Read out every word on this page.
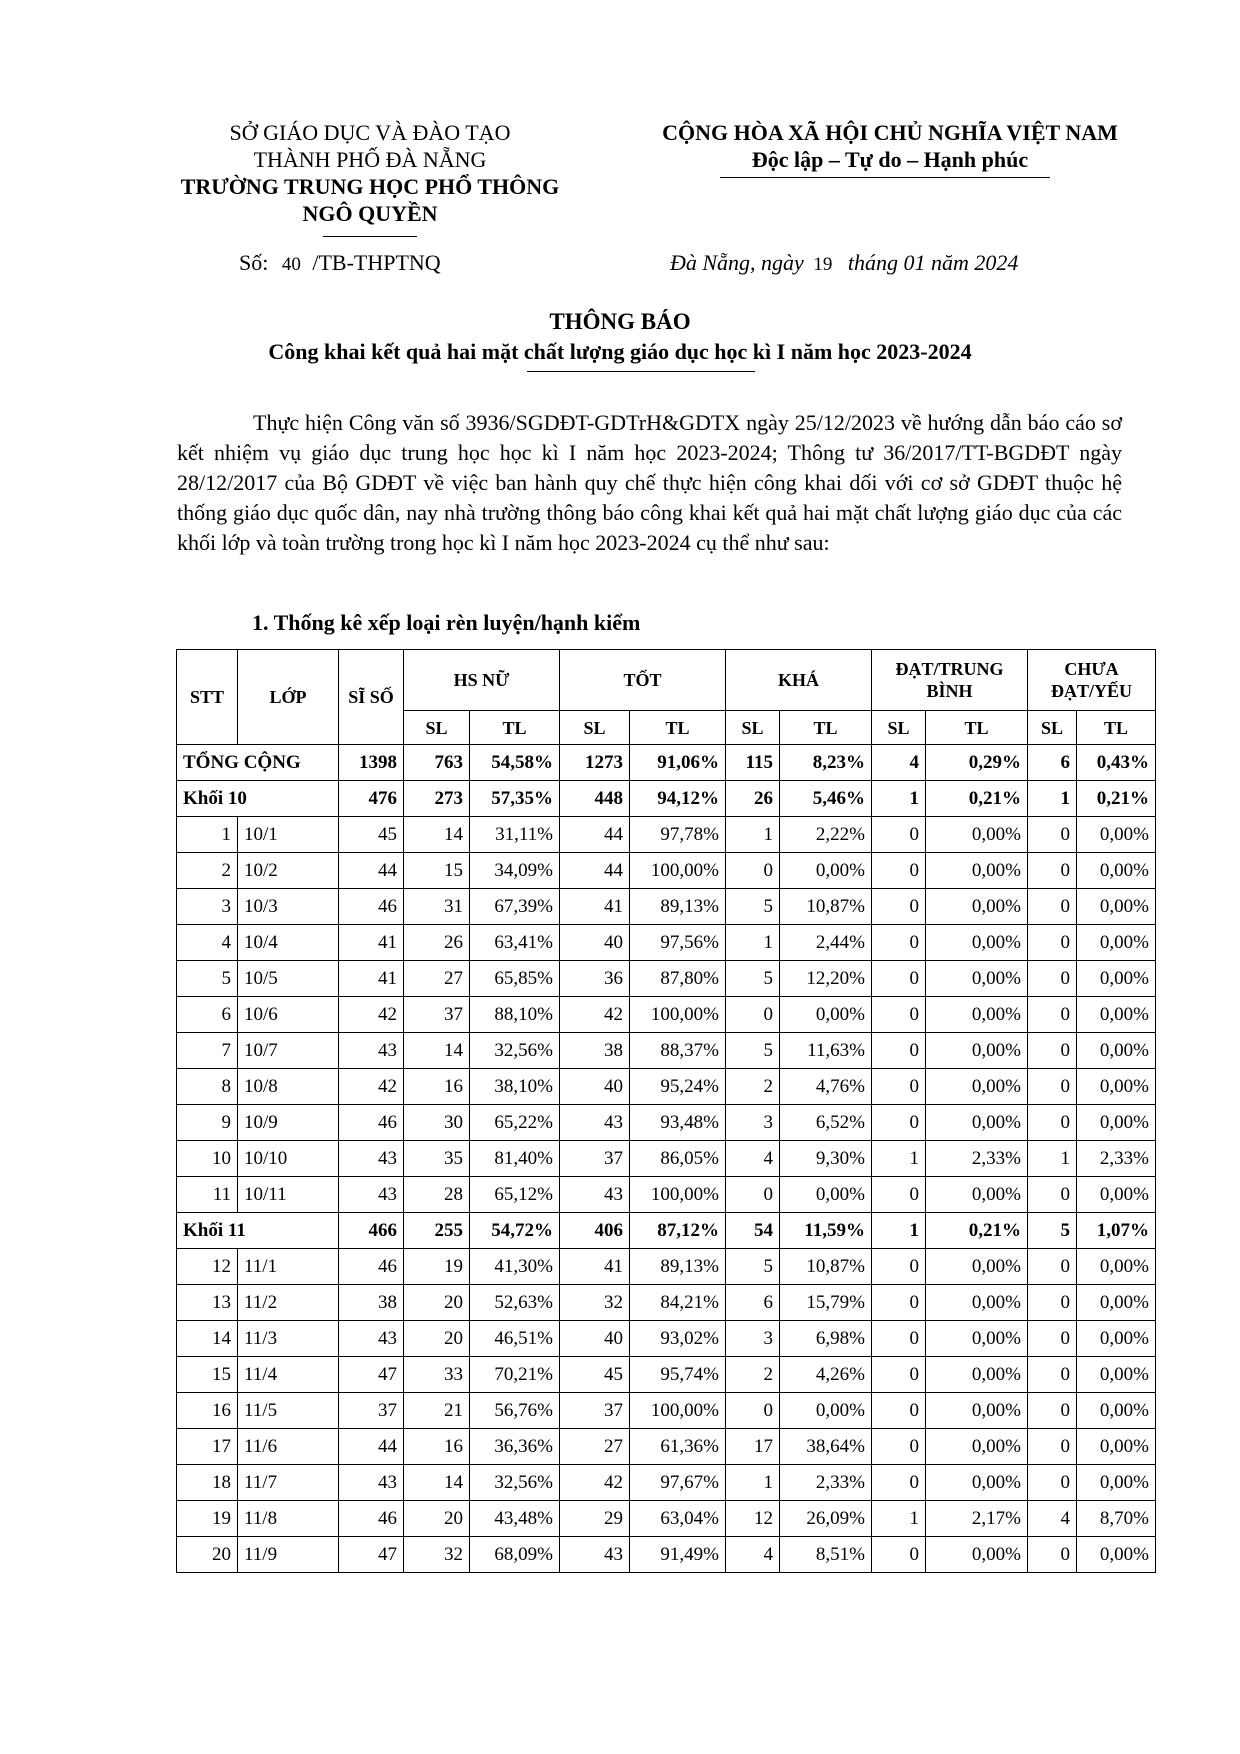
SỞ GIÁO DỤC VÀ ĐÀO TẠO
THÀNH PHỐ ĐÀ NẴNG
TRƯỜNG TRUNG HỌC PHỔ THÔNG
NGÔ QUYỀN
CỘNG HÒA XÃ HỘI CHỦ NGHĨA VIỆT NAM
Độc lập – Tự do – Hạnh phúc
Số: 40 /TB-THPTNQ	Đà Nẵng, ngày 19 tháng 01 năm 2024
THÔNG BÁO
Công khai kết quả hai mặt chất lượng giáo dục học kì I năm học 2023-2024

Thực hiện Công văn số 3936/SGDĐT-GDTrH&GDTX ngày 25/12/2023 về hướng dẫn báo cáo sơ kết nhiệm vụ giáo dục trung học học kì I năm học 2023-2024; Thông tư 36/2017/TT-BGDĐT ngày 28/12/2017 của Bộ GDĐT về việc ban hành quy chế thực hiện công khai dối với cơ sở GDĐT thuộc hệ thống giáo dục quốc dân, nay nhà trường thông báo công khai kết quả hai mặt chất lượng giáo dục của các khối lớp và toàn trường trong học kì I năm học 2023-2024 cụ thể như sau:

1. Thống kê xếp loại rèn luyện/hạnh kiểm
STT	LỚP	SĨ SỐ	HS NỮ		TỐT		KHÁ		ĐẠT/TRUNG BÌNH		CHƯA ĐẠT/YẾU	
			SL	TL	SL	TL	SL	TL	SL	TL	SL	TL
TỔNG CỘNG		1398	763	54,58%	1273	91,06%	115	8,23%	4	0,29%	6	0,43%
Khối 10		476	273	57,35%	448	94,12%	26	5,46%	1	0,21%	1	0,21%
1	10/1	45	14	31,11%	44	97,78%	1	2,22%	0	0,00%	0	0,00%
2	10/2	44	15	34,09%	44	100,00%	0	0,00%	0	0,00%	0	0,00%
3	10/3	46	31	67,39%	41	89,13%	5	10,87%	0	0,00%	0	0,00%
4	10/4	41	26	63,41%	40	97,56%	1	2,44%	0	0,00%	0	0,00%
5	10/5	41	27	65,85%	36	87,80%	5	12,20%	0	0,00%	0	0,00%
6	10/6	42	37	88,10%	42	100,00%	0	0,00%	0	0,00%	0	0,00%
7	10/7	43	14	32,56%	38	88,37%	5	11,63%	0	0,00%	0	0,00%
8	10/8	42	16	38,10%	40	95,24%	2	4,76%	0	0,00%	0	0,00%
9	10/9	46	30	65,22%	43	93,48%	3	6,52%	0	0,00%	0	0,00%
10	10/10	43	35	81,40%	37	86,05%	4	9,30%	1	2,33%	1	2,33%
11	10/11	43	28	65,12%	43	100,00%	0	0,00%	0	0,00%	0	0,00%
Khối 11		466	255	54,72%	406	87,12%	54	11,59%	1	0,21%	5	1,07%
12	11/1	46	19	41,30%	41	89,13%	5	10,87%	0	0,00%	0	0,00%
13	11/2	38	20	52,63%	32	84,21%	6	15,79%	0	0,00%	0	0,00%
14	11/3	43	20	46,51%	40	93,02%	3	6,98%	0	0,00%	0	0,00%
15	11/4	47	33	70,21%	45	95,74%	2	4,26%	0	0,00%	0	0,00%
16	11/5	37	21	56,76%	37	100,00%	0	0,00%	0	0,00%	0	0,00%
17	11/6	44	16	36,36%	27	61,36%	17	38,64%	0	0,00%	0	0,00%
18	11/7	43	14	32,56%	42	97,67%	1	2,33%	0	0,00%	0	0,00%
19	11/8	46	20	43,48%	29	63,04%	12	26,09%	1	2,17%	4	8,70%
20	11/9	47	32	68,09%	43	91,49%	4	8,51%	0	0,00%	0	0,00%
